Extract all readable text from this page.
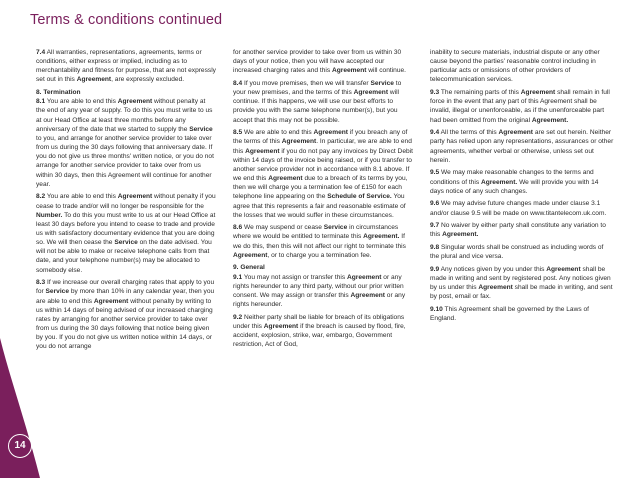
Terms & conditions continued

7.4 All warranties, representations, agreements, terms or conditions, either express or implied, including as to merchantability and fitness for purpose, that are not expressly set out in this Agreement, are expressly excluded.

8. Termination

8.1 You are able to end this Agreement without penalty at the end of any year of supply. To do this you must write to us at our Head Office at least three months before any anniversary of the date that we started to supply the Service to you, and arrange for another service provider to take over from us during the 30 days following that anniversary date. If you do not give us three months' written notice, or you do not arrange for another service provider to take over from us within 30 days, then this Agreement will continue for another year.

8.2 You are able to end this Agreement without penalty if you cease to trade and/or will no longer be responsible for the Number. To do this you must write to us at our Head Office at least 30 days before you intend to cease to trade and provide us with satisfactory documentary evidence that you are doing so. We will then cease the Service on the date advised. You will not be able to make or receive telephone calls from that date, and your telephone number(s) may be allocated to somebody else.

8.3 If we increase our overall charging rates that apply to you for Service by more than 10% in any calendar year, then you are able to end this Agreement without penalty by writing to us within 14 days of being advised of our increased charging rates by arranging for another service provider to take over from us during the 30 days following that notice being given by you. If you do not give us written notice within 14 days, or you do not arrange

for another service provider to take over from us within 30 days of your notice, then you will have accepted our increased charging rates and this Agreement will continue.

8.4 If you move premises, then we will transfer Service to your new premises, and the terms of this Agreement will continue. If this happens, we will use our best efforts to provide you with the same telephone number(s), but you accept that this may not be possible.

8.5 We are able to end this Agreement if you breach any of the terms of this Agreement. In particular, we are able to end this Agreement if you do not pay any invoices by Direct Debit within 14 days of the invoice being raised, or if you transfer to another service provider not in accordance with 8.1 above. If we end this Agreement due to a breach of its terms by you, then we will charge you a termination fee of £150 for each telephone line appearing on the Schedule of Service. You agree that this represents a fair and reasonable estimate of the losses that we would suffer in these circumstances.

8.6 We may suspend or cease Service in circumstances where we would be entitled to terminate this Agreement. If we do this, then this will not affect our right to terminate this Agreement, or to charge you a termination fee.

9. General

9.1 You may not assign or transfer this Agreement or any rights hereunder to any third party, without our prior written consent. We may assign or transfer this Agreement or any rights hereunder.

9.2 Neither party shall be liable for breach of its obligations under this Agreement if the breach is caused by flood, fire, accident, explosion, strike, war, embargo, Government restriction, Act of God,

inability to secure materials, industrial dispute or any other cause beyond the parties' reasonable control including in particular acts or omissions of other providers of telecommunication services.

9.3 The remaining parts of this Agreement shall remain in full force in the event that any part of this Agreement shall be invalid, illegal or unenforceable, as if the unenforceable part had been omitted from the original Agreement.

9.4 All the terms of this Agreement are set out herein. Neither party has relied upon any representations, assurances or other agreements, whether verbal or otherwise, unless set out herein.

9.5 We may make reasonable changes to the terms and conditions of this Agreement. We will provide you with 14 days notice of any such changes.

9.6 We may advise future changes made under clause 3.1 and/or clause 9.5 will be made on www.titantelecom.uk.com.

9.7 No waiver by either party shall constitute any variation to this Agreement.

9.8 Singular words shall be construed as including words of the plural and vice versa.

9.9 Any notices given by you under this Agreement shall be made in writing and sent by registered post. Any notices given by us under this Agreement shall be made in writing, and sent by post, email or fax.

9.10 This Agreement shall be governed by the Laws of England.

14
